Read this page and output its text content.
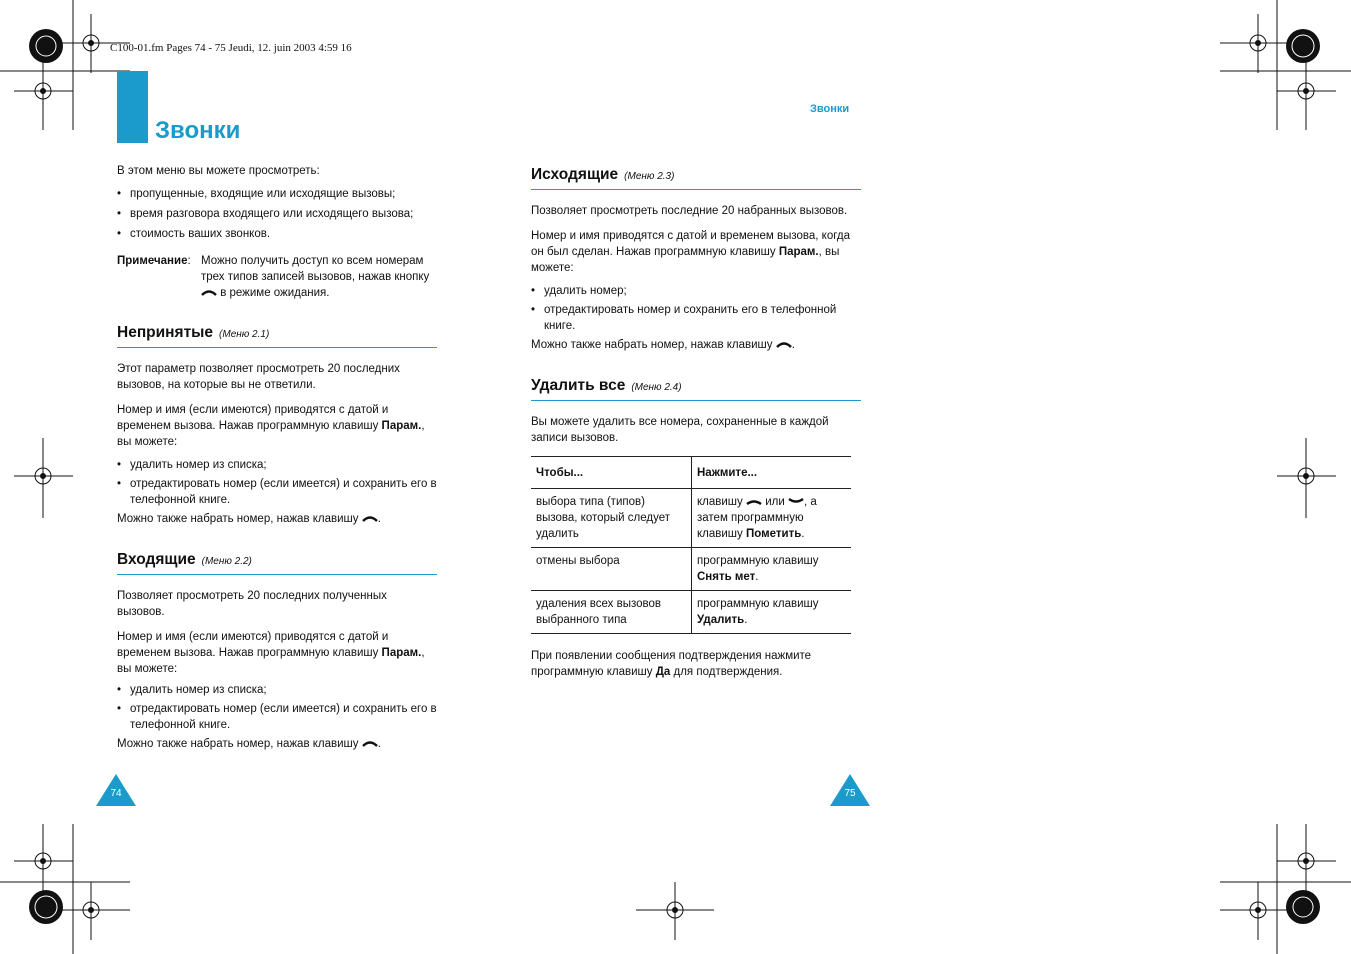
C100-01.fm Pages 74 - 75 Jeudi, 12. juin 2003 4:59 16
Звонки
Звонки
В этом меню вы можете просмотреть:
• пропущенные, входящие или исходящие вызовы;
• время разговора входящего или исходящего вызова;
• стоимость ваших звонков.
Примечание: Можно получить доступ ко всем номерам трех типов записей вызовов, нажав кнопку  в режиме ожидания.
Непринятые (Меню 2.1)
Этот параметр позволяет просмотреть 20 последних вызовов, на которые вы не ответили.
Номер и имя (если имеются) приводятся с датой и временем вызова. Нажав программную клавишу Парам., вы можете:
• удалить номер из списка;
• отредактировать номер (если имеется) и сохранить его в телефонной книге.
Можно также набрать номер, нажав клавишу .
Входящие (Меню 2.2)
Позволяет просмотреть 20 последних полученных вызовов.
Номер и имя (если имеются) приводятся с датой и временем вызова. Нажав программную клавишу Парам., вы можете:
• удалить номер из списка;
• отредактировать номер (если имеется) и сохранить его в телефонной книге.
Можно также набрать номер, нажав клавишу .
Исходящие (Меню 2.3)
Позволяет просмотреть последние 20 набранных вызовов.
Номер и имя приводятся с датой и временем вызова, когда он был сделан. Нажав программную клавишу Парам., вы можете:
• удалить номер;
• отредактировать номер и сохранить его в телефонной книге.
Можно также набрать номер, нажав клавишу .
Удалить все (Меню 2.4)
Вы можете удалить все номера, сохраненные в каждой записи вызовов.
Чтобы...	Нажмите...
выбора типа (типов) вызова, который следует удалить	клавишу или , а затем программную клавишу Пометить.
отмены выбора	программную клавишу Снять мет.
удаления всех вызовов выбранного типа	программную клавишу Удалить.
При появлении сообщения подтверждения нажмите программную клавишу Да для подтверждения.
74	75
